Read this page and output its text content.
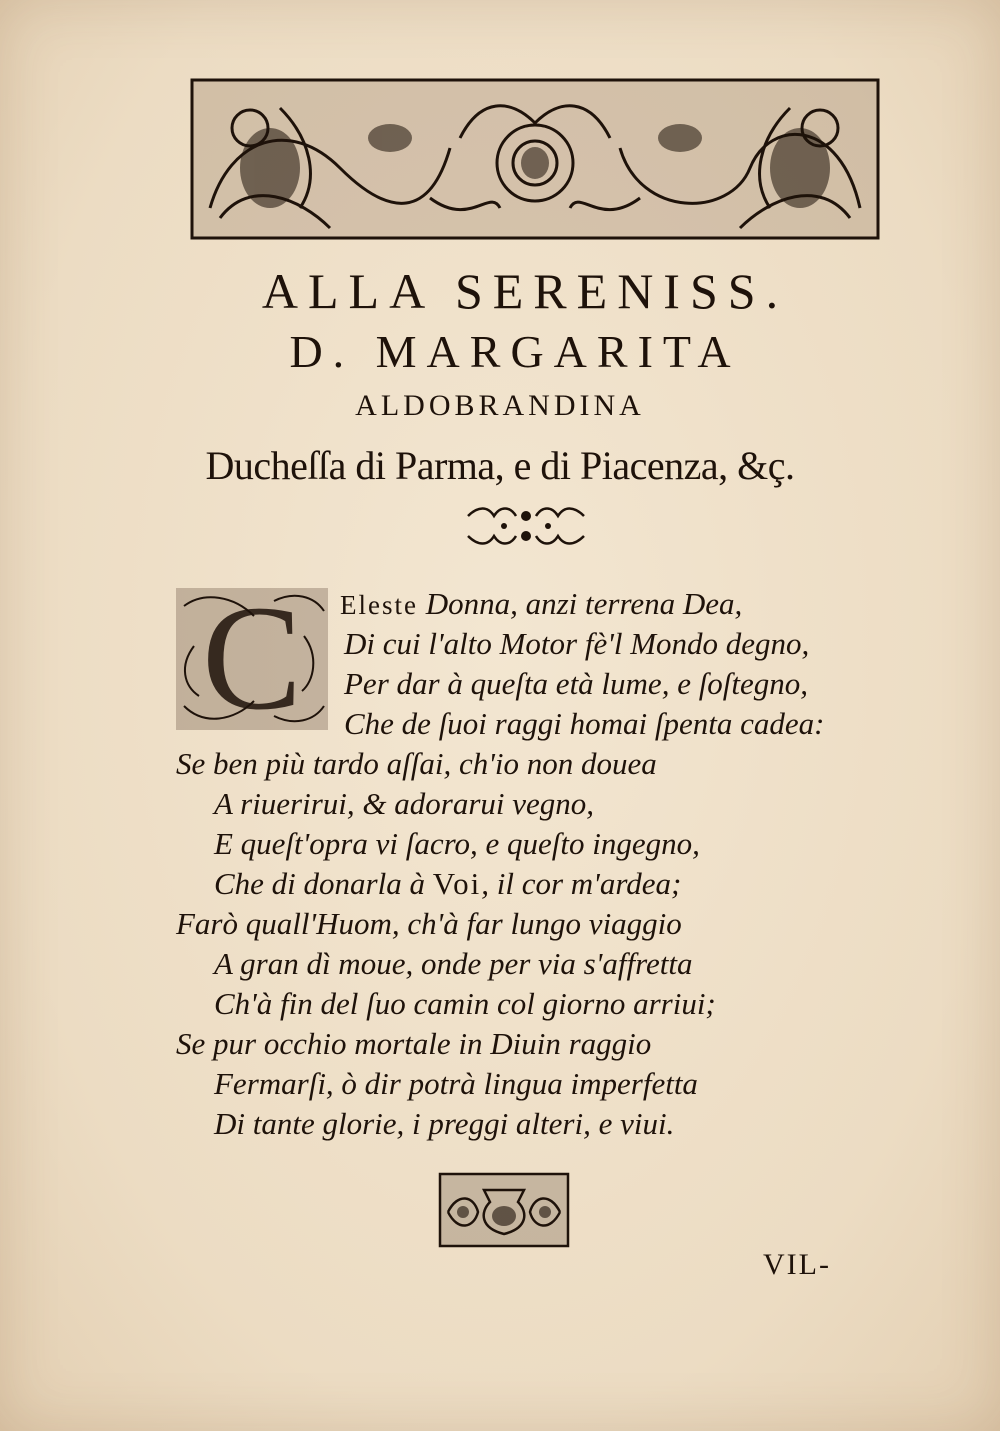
ALLA SERENISS.
D. MARGARITA
ALDOBRANDINA
Ducheſſa di Parma, e di Piacenza, &ç.
C Eleste Donna, anzi terrena Dea,
Di cui l'alto Motor fè'l Mondo degno,
Per dar à queſta età lume, e ſoſtegno,
Che de ſuoi raggi homai ſpenta cadea:
Se ben più tardo aſſai, ch'io non douea
A riuerirui, & adorarui vegno,
E queſt'opra vi ſacro, e queſto ingegno,
Che di donarla à Voi, il cor m'ardea;
Farò quall'Huom, ch'à far lungo viaggio
A gran dì moue, onde per via s'affretta
Ch'à fin del ſuo camin col giorno arriui;
Se pur occhio mortale in Diuin raggio
Fermarſi, ò dir potrà lingua imperfetta
Di tante glorie, i preggi alteri, e viui.
VIL-
